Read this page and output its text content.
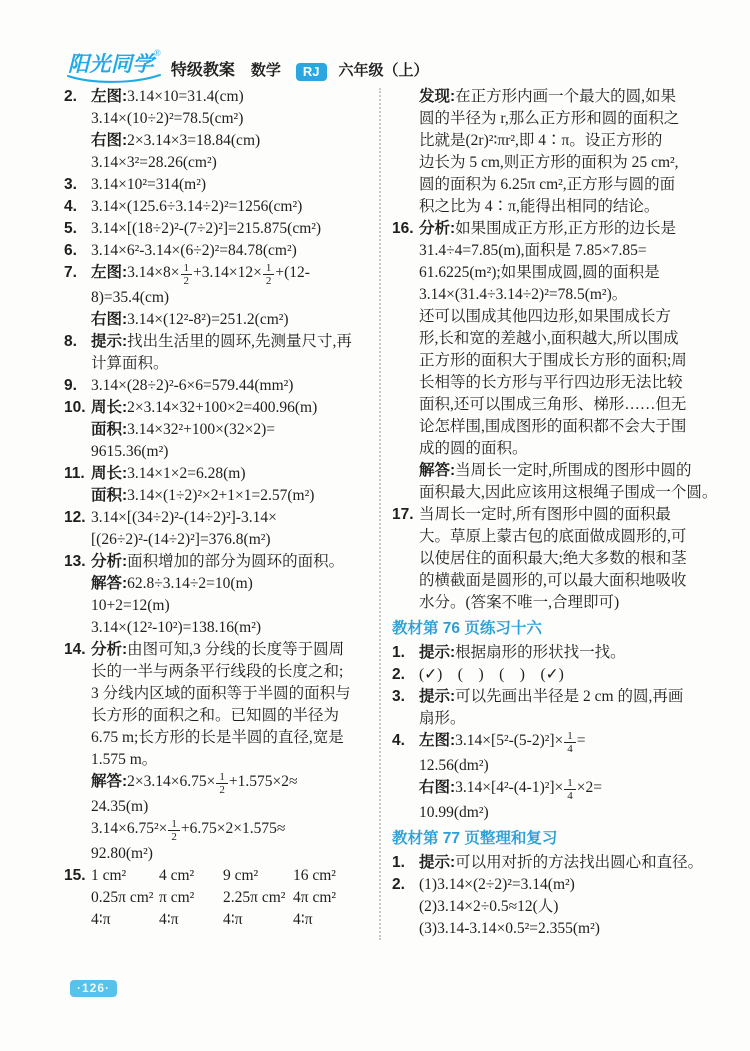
阳光同学®
特级教案 数学	RJ	六年级（上）
2. 左图:3.14×10=31.4(cm)
3.14×(10÷2)²=78.5(cm²)
右图:2×3.14×3=18.84(cm)
3.14×3²=28.26(cm²)
3. 3.14×10²=314(m²)
4. 3.14×(125.6÷3.14÷2)²=1256(cm²)
5. 3.14×[(18÷2)²-(7÷2)²]=215.875(cm²)
6. 3.14×6²-3.14×(6÷2)²=84.78(cm²)
7. 左图:3.14×8× $\frac{1}{2} +3.14\times 12\times \frac{1}{2} +(12-$
8)=35.4(cm)
右图:3.14×(12²-8²)=251.2(cm²)
8. 提示:找出生活里的圆环,先测量尺寸,再
计算面积。
9. 3.14×(28÷2)²-6×6=579.44(mm²)
10. 周长:2×3.14×32+100×2=400.96(m)
面积:3.14×32²+100×(32×2)=
9615.36(m²)
11. 周长:3.14×1×2=6.28(m)
面积:3.14×(1÷2)²×2+1×1=2.57(m²)
12. 3.14×[(34÷2)²-(14÷2)²]-3.14×
[(26÷2)²-(14÷2)²]=376.8(m²)
13. 分析:面积增加的部分为圆环的面积。
解答:62.8÷3.14÷2=10(m)
10+2=12(m)
3.14×(12²-10²)=138.16(m²)
14. 分析:由图可知,3 分线的长度等于圆周
长的一半与两条平行线段的长度之和;
3 分线内区域的面积等于半圆的面积与
长方形的面积之和。已知圆的半径为
6.75 m;长方形的长是半圆的直径,宽是
1.575 m。
解答:2×3.14×6.75× $\frac{1}{2} +1.575\times 2\approx$
24.35(m)
$3.14\times 6.75^2\times \frac{1}{2} +6.75\times 2\times 1.575\approx$
92.80(m²)
15. 1 cm²	4 cm²	9 cm²	16 cm²
0.25π cm² π cm²	2.25π cm² 4π cm²
4∶π	4∶π	4∶π	4∶π
发现:在正方形内画一个最大的圆,如果
圆的半径为 r,那么正方形和圆的面积之
比就是(2r)²∶πr²,即 4∶π。设正方形的
边长为 5 cm,则正方形的面积为 25 cm²,
圆的面积为 6.25π cm²,正方形与圆的面
积之比为 4∶π,能得出相同的结论。
16. 分析:如果围成正方形,正方形的边长是
31.4÷4=7.85(m),面积是 7.85×7.85=
61.6225(m²);如果围成圆,圆的面积是
3.14×(31.4÷3.14÷2)²=78.5(m²)。
还可以围成其他四边形,如果围成长方
形,长和宽的差越小,面积越大,所以围成
正方形的面积大于围成长方形的面积;周
长相等的长方形与平行四边形无法比较
面积,还可以围成三角形、梯形……但无
论怎样围,围成图形的面积都不会大于围
成的圆的面积。
解答:当周长一定时,所围成的图形中圆的
面积最大,因此应该用这根绳子围成一个圆。
17. 当周长一定时,所有图形中圆的面积最
大。草原上蒙古包的底面做成圆形的,可
以使居住的面积最大;绝大多数的根和茎
的横截面是圆形的,可以最大面积地吸收
水分。(答案不唯一,合理即可)
教材第 76 页练习十六
1. 提示:根据扇形的形状找一找。
2. (✓)　(　)　(　)　(✓)
3. 提示:可以先画出半径是 2 cm 的圆,再画
扇形。
4. 左图:3.14×[5²-(5-2)²]× $\frac{1}{4}$ =
12.56(dm²)
右图:3.14×[4²-(4-1)²]× $\frac{1}{4} \times 2=$
10.99(dm²)
教材第 77 页整理和复习
1. 提示:可以用对折的方法找出圆心和直径。
2. (1)3.14×(2÷2)²=3.14(m²)
(2)3.14×2÷0.5≈12(人)
(3)3.14-3.14×0.5²=2.355(m²)
·126·
